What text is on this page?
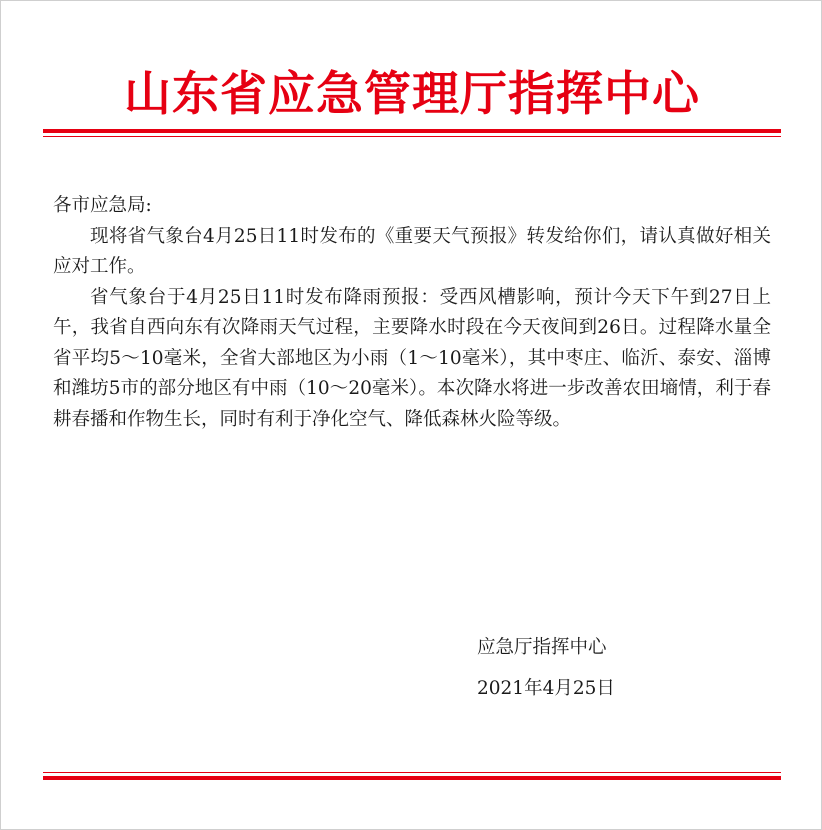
山东省应急管理厅指挥中心

各市应急局:

现将省气象台4月25日11时发布的《重要天气预报》转发给你们，请认真做好相关应对工作。

省气象台于4月25日11时发布降雨预报：受西风槽影响，预计今天下午到27日上午，我省自西向东有次降雨天气过程，主要降水时段在今天夜间到26日。过程降水量全省平均5～10毫米，全省大部地区为小雨（1～10毫米），其中枣庄、临沂、泰安、淄博和潍坊5市的部分地区有中雨（10～20毫米）。本次降水将进一步改善农田墒情，利于春耕春播和作物生长，同时有利于净化空气、降低森林火险等级。

应急厅指挥中心
2021年4月25日
